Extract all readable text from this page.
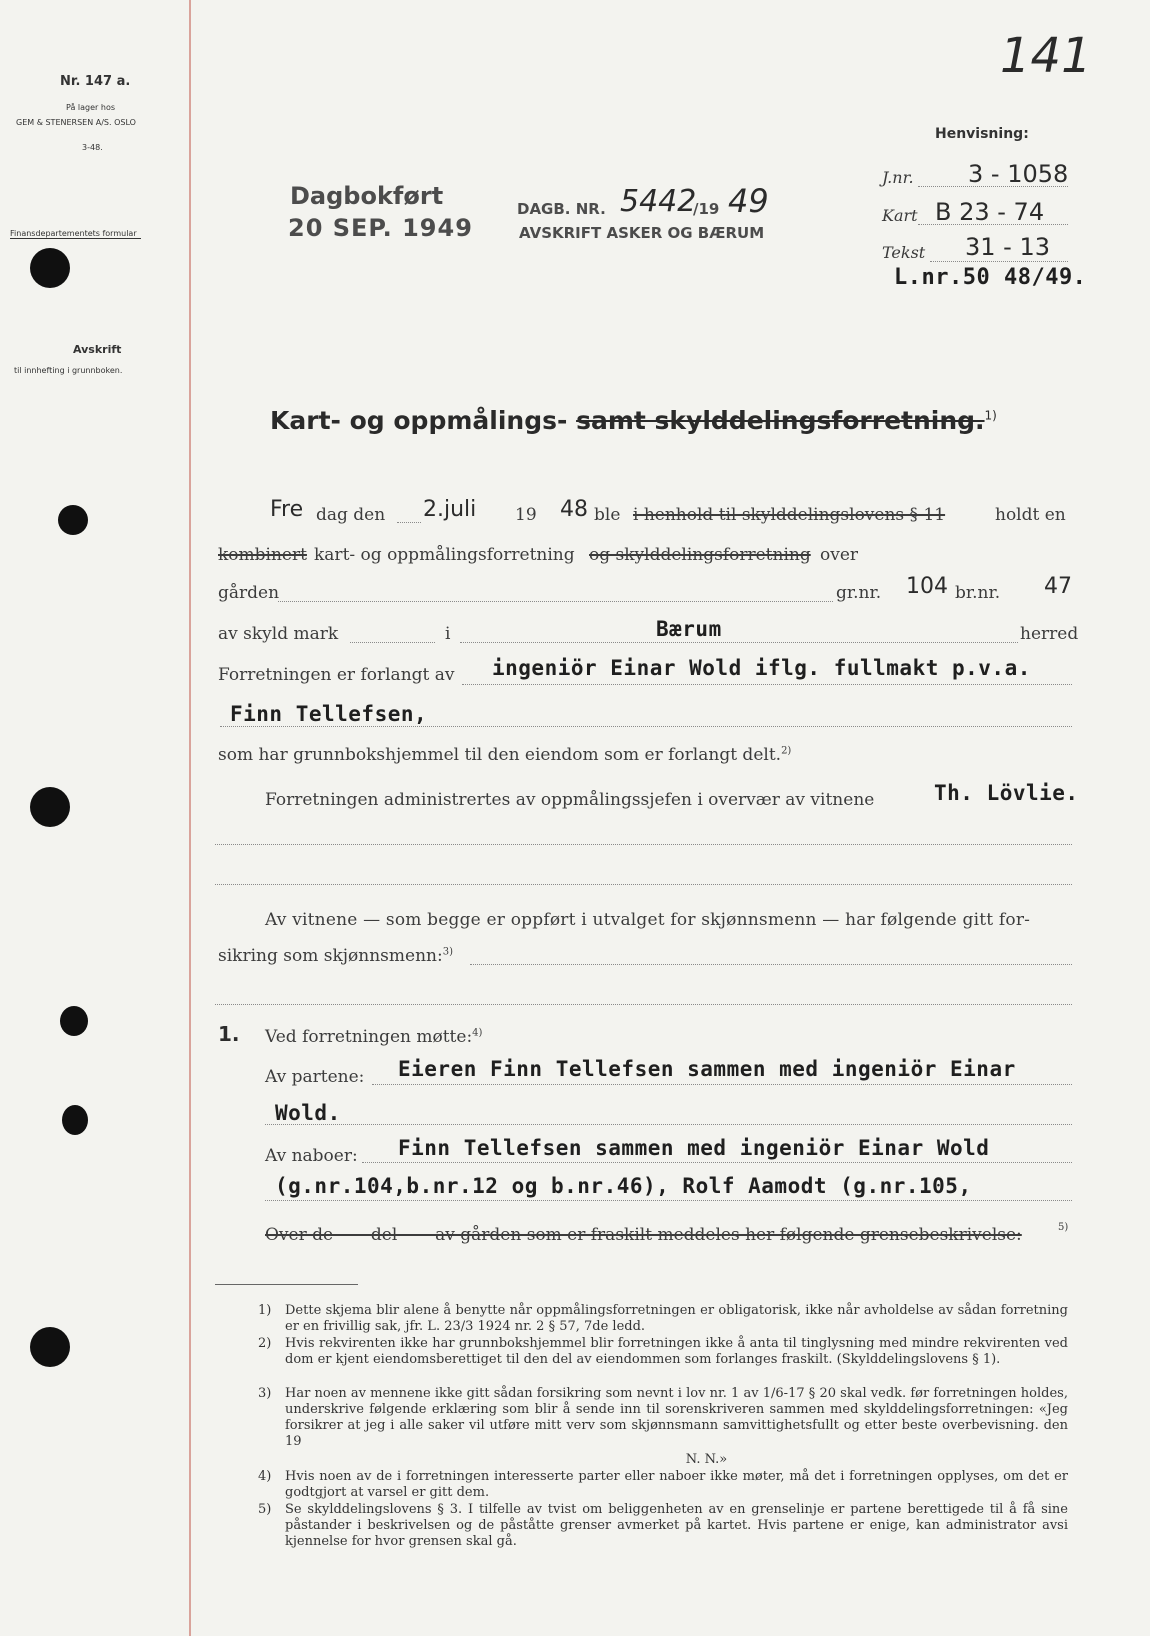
Nr. 147 a.
På lager hos
GEM & STENERSEN A/S. OSLO
3-48.
Finansdepartementets formular
Avskrift
til innhefting i grunnboken.
141
Dagbokført
20 SEP. 1949
DAGB. NR. 5442
/19 49
AVSKRIFT ASKER OG BÆRUM
Henvisning:
J.nr. 3 - 1058
Kart B 23 - 74
Tekst 31 - 13
L.nr.50 48/49.
Kart- og oppmålings- samt skylddelingsforretning.$^{1)}$
Fre dag den 2.juli 19 48 ble i henhold til skylddelingslovens § 11	holdt en
kombinert kart- og oppmålingsforretning og skylddelingsforretning over
gården	gr.nr. 104 br.nr. 47
av skyld mark	i	Bærum	herred
Forretningen er forlangt av ingeniör Einar Wold iflg. fullmakt p.v.a.
Finn Tellefsen,
som har grunnbokshjemmel til den eiendom som er forlangt delt.$^{2)}$
Forretningen administrertes av oppmålingssjefen i overvær av vitnene	Th. Lövlie.
Av vitnene — som begge er oppført i utvalget for skjønnsmenn — har følgende gitt for-
sikring som skjønnsmenn:$^{3)}$
1. Ved forretningen møtte:$^{4)}$
Av partene: Eieren Finn Tellefsen sammen med ingeniör Einar
Wold.
Av naboer: Finn Tellefsen sammen med ingeniör Einar Wold
(g.nr.104,b.nr.12 og b.nr.46), Rolf Aamodt (g.nr.105,
Over de       del       av gården som er fraskilt meddeles her følgende grensebeskrivelse:	5)
1) Dette skjema blir alene å benytte når oppmålingsforretningen er obligatorisk, ikke når avholdelse av sådan forretning er en frivillig sak, jfr. L. 23/3 1924 nr. 2 § 57, 7de ledd.
2) Hvis rekvirenten ikke har grunnbokshjemmel blir forretningen ikke å anta til tinglysning med mindre rekvirenten ved dom er kjent eiendomsberettiget til den del av eiendommen som forlanges fraskilt. (Skylddelingslovens § 1).
3) Har noen av mennene ikke gitt sådan forsikring som nevnt i lov nr. 1 av 1/6-17 § 20 skal vedk. før forretningen holdes, underskrive følgende erklæring som blir å sende inn til sorenskriveren sammen med skylddelingsforretningen: «Jeg forsikrer at jeg i alle saker vil utføre mitt verv som skjønnsmann samvittighetsfullt og etter beste overbevisning. den 19
N. N.»
4) Hvis noen av de i forretningen interesserte parter eller naboer ikke møter, må det i forretningen opplyses, om det er godtgjort at varsel er gitt dem.
5) Se skylddelingslovens § 3. I tilfelle av tvist om beliggenheten av en grenselinje er partene berettigede til å få sine påstander i beskrivelsen og de påståtte grenser avmerket på kartet. Hvis partene er enige, kan administrator avsi kjennelse for hvor grensen skal gå.
